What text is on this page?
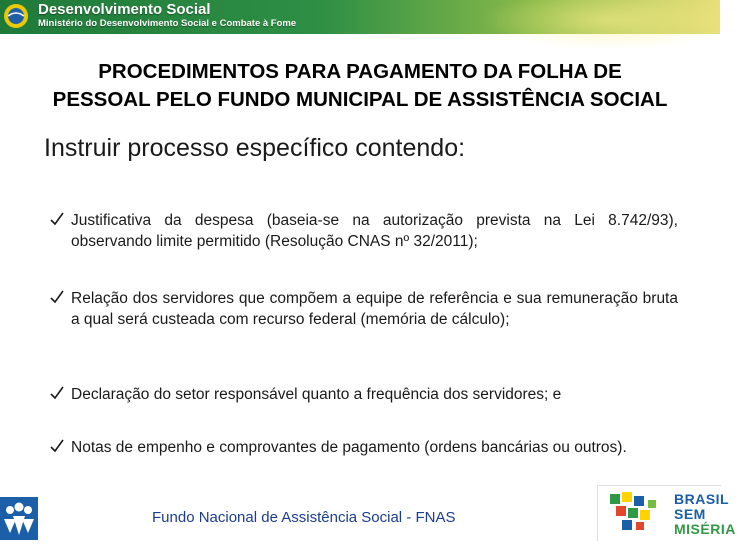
Desenvolvimento Social
Ministério do Desenvolvimento Social e Combate à Fome
PROCEDIMENTOS PARA PAGAMENTO DA FOLHA DE
PESSOAL PELO FUNDO MUNICIPAL DE ASSISTÊNCIA SOCIAL
Instruir processo específico contendo:
Justificativa da despesa (baseia-se na autorização prevista na Lei 8.742/93), observando limite permitido (Resolução CNAS nº 32/2011);
Relação dos servidores que compõem a equipe de referência e sua remuneração bruta a qual será custeada com recurso federal (memória de cálculo);
Declaração do setor responsável quanto a frequência dos servidores; e
Notas de empenho e comprovantes de pagamento (ordens bancárias ou outros).
Fundo Nacional de Assistência Social - FNAS
BRASIL
SEM
MISÉRIA
